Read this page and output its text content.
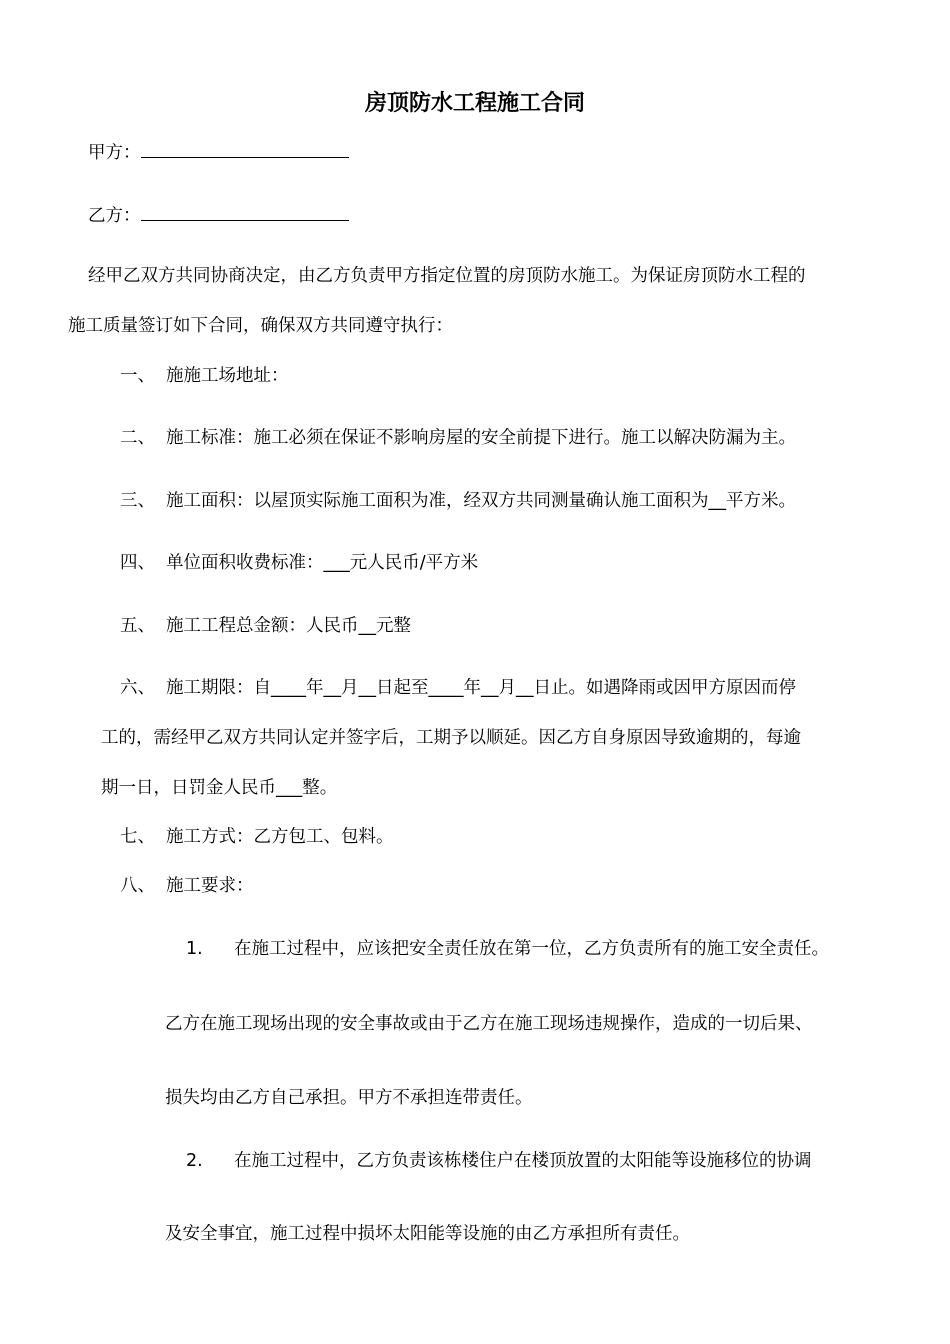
房顶防水工程施工合同
甲方：
乙方：
经甲乙双方共同协商决定，由乙方负责甲方指定位置的房顶防水施工。为保证房顶防水工程的
施工质量签订如下合同，确保双方共同遵守执行：
一、 施施工场地址：
二、 施工标准：施工必须在保证不影响房屋的安全前提下进行。施工以解决防漏为主。
三、 施工面积：以屋顶实际施工面积为准，经双方共同测量确认施工面积为__平方米。
四、 单位面积收费标准：___元人民币/平方米
五、 施工工程总金额：人民币__元整
六、 施工期限：自____年__月__日起至____年__月__日止。如遇降雨或因甲方原因而停
工的，需经甲乙双方共同认定并签字后，工期予以顺延。因乙方自身原因导致逾期的，每逾
期一日，日罚金人民币___整。
七、 施工方式：乙方包工、包料。
八、 施工要求：
1. 在施工过程中，应该把安全责任放在第一位，乙方负责所有的施工安全责任。
乙方在施工现场出现的安全事故或由于乙方在施工现场违规操作，造成的一切后果、
损失均由乙方自己承担。甲方不承担连带责任。
2. 在施工过程中，乙方负责该栋楼住户在楼顶放置的太阳能等设施移位的协调
及安全事宜，施工过程中损坏太阳能等设施的由乙方承担所有责任。
